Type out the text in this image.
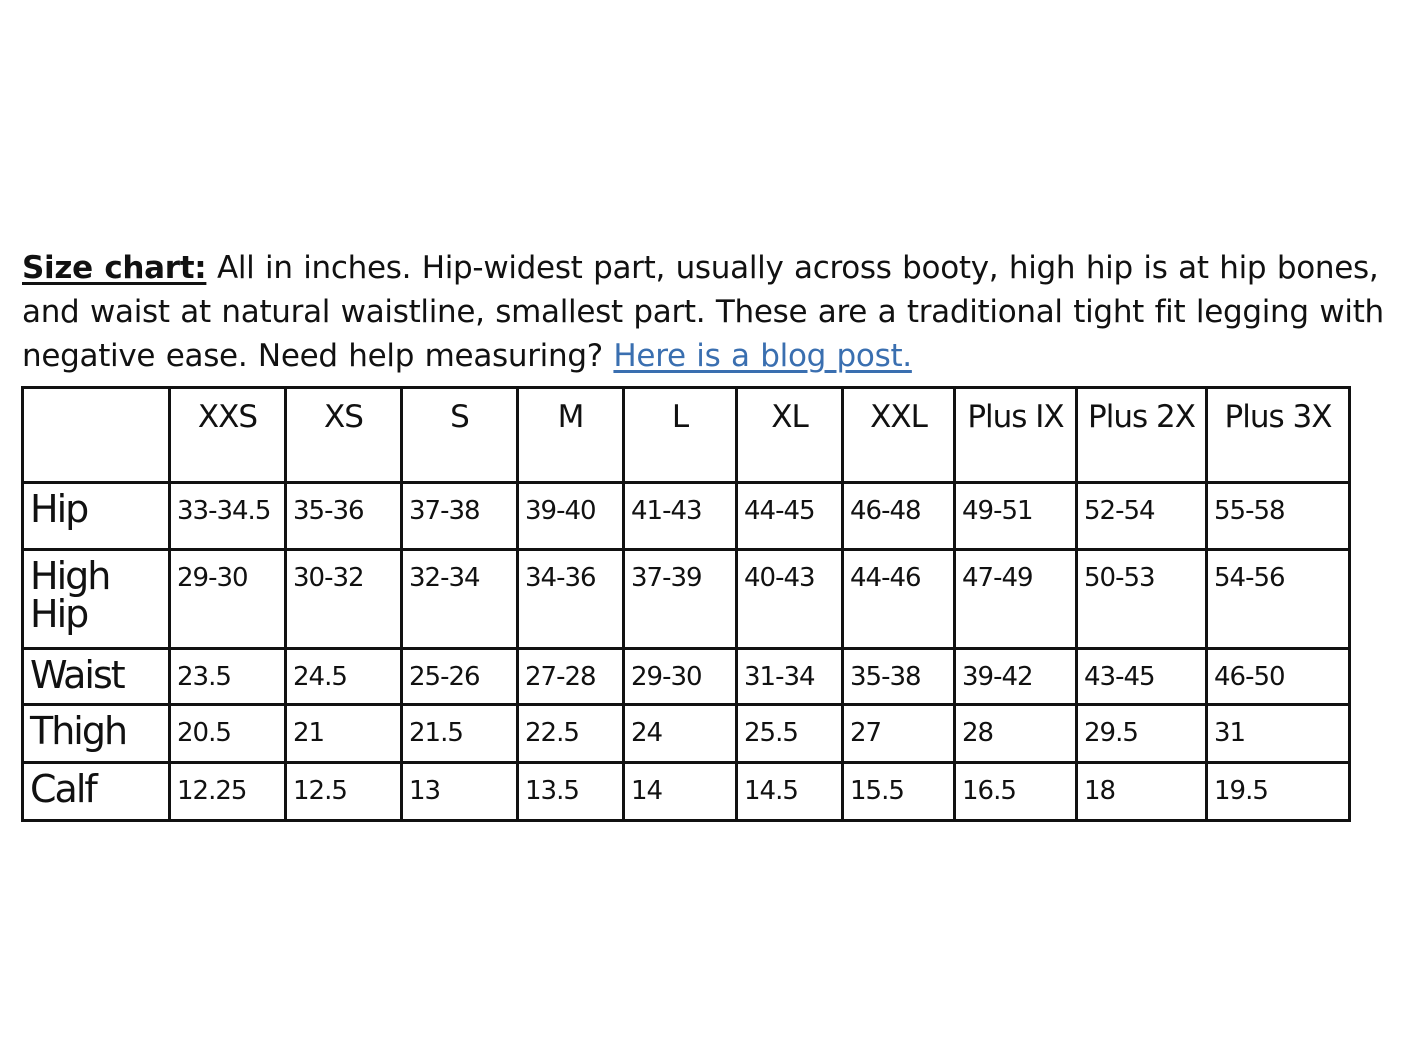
Size chart: All in inches. Hip-widest part, usually across booty, high hip is at hip bones, and waist at natural waistline, smallest part. These are a traditional tight fit legging with negative ease. Need help measuring? Here is a blog post.
	XXS	XS	S	M	L	XL	XXL	Plus IX	Plus 2X	Plus 3X
Hip	33-34.5	35-36	37-38	39-40	41-43	44-45	46-48	49-51	52-54	55-58
High Hip	29-30	30-32	32-34	34-36	37-39	40-43	44-46	47-49	50-53	54-56
Waist	23.5	24.5	25-26	27-28	29-30	31-34	35-38	39-42	43-45	46-50
Thigh	20.5	21	21.5	22.5	24	25.5	27	28	29.5	31
Calf	12.25	12.5	13	13.5	14	14.5	15.5	16.5	18	19.5
